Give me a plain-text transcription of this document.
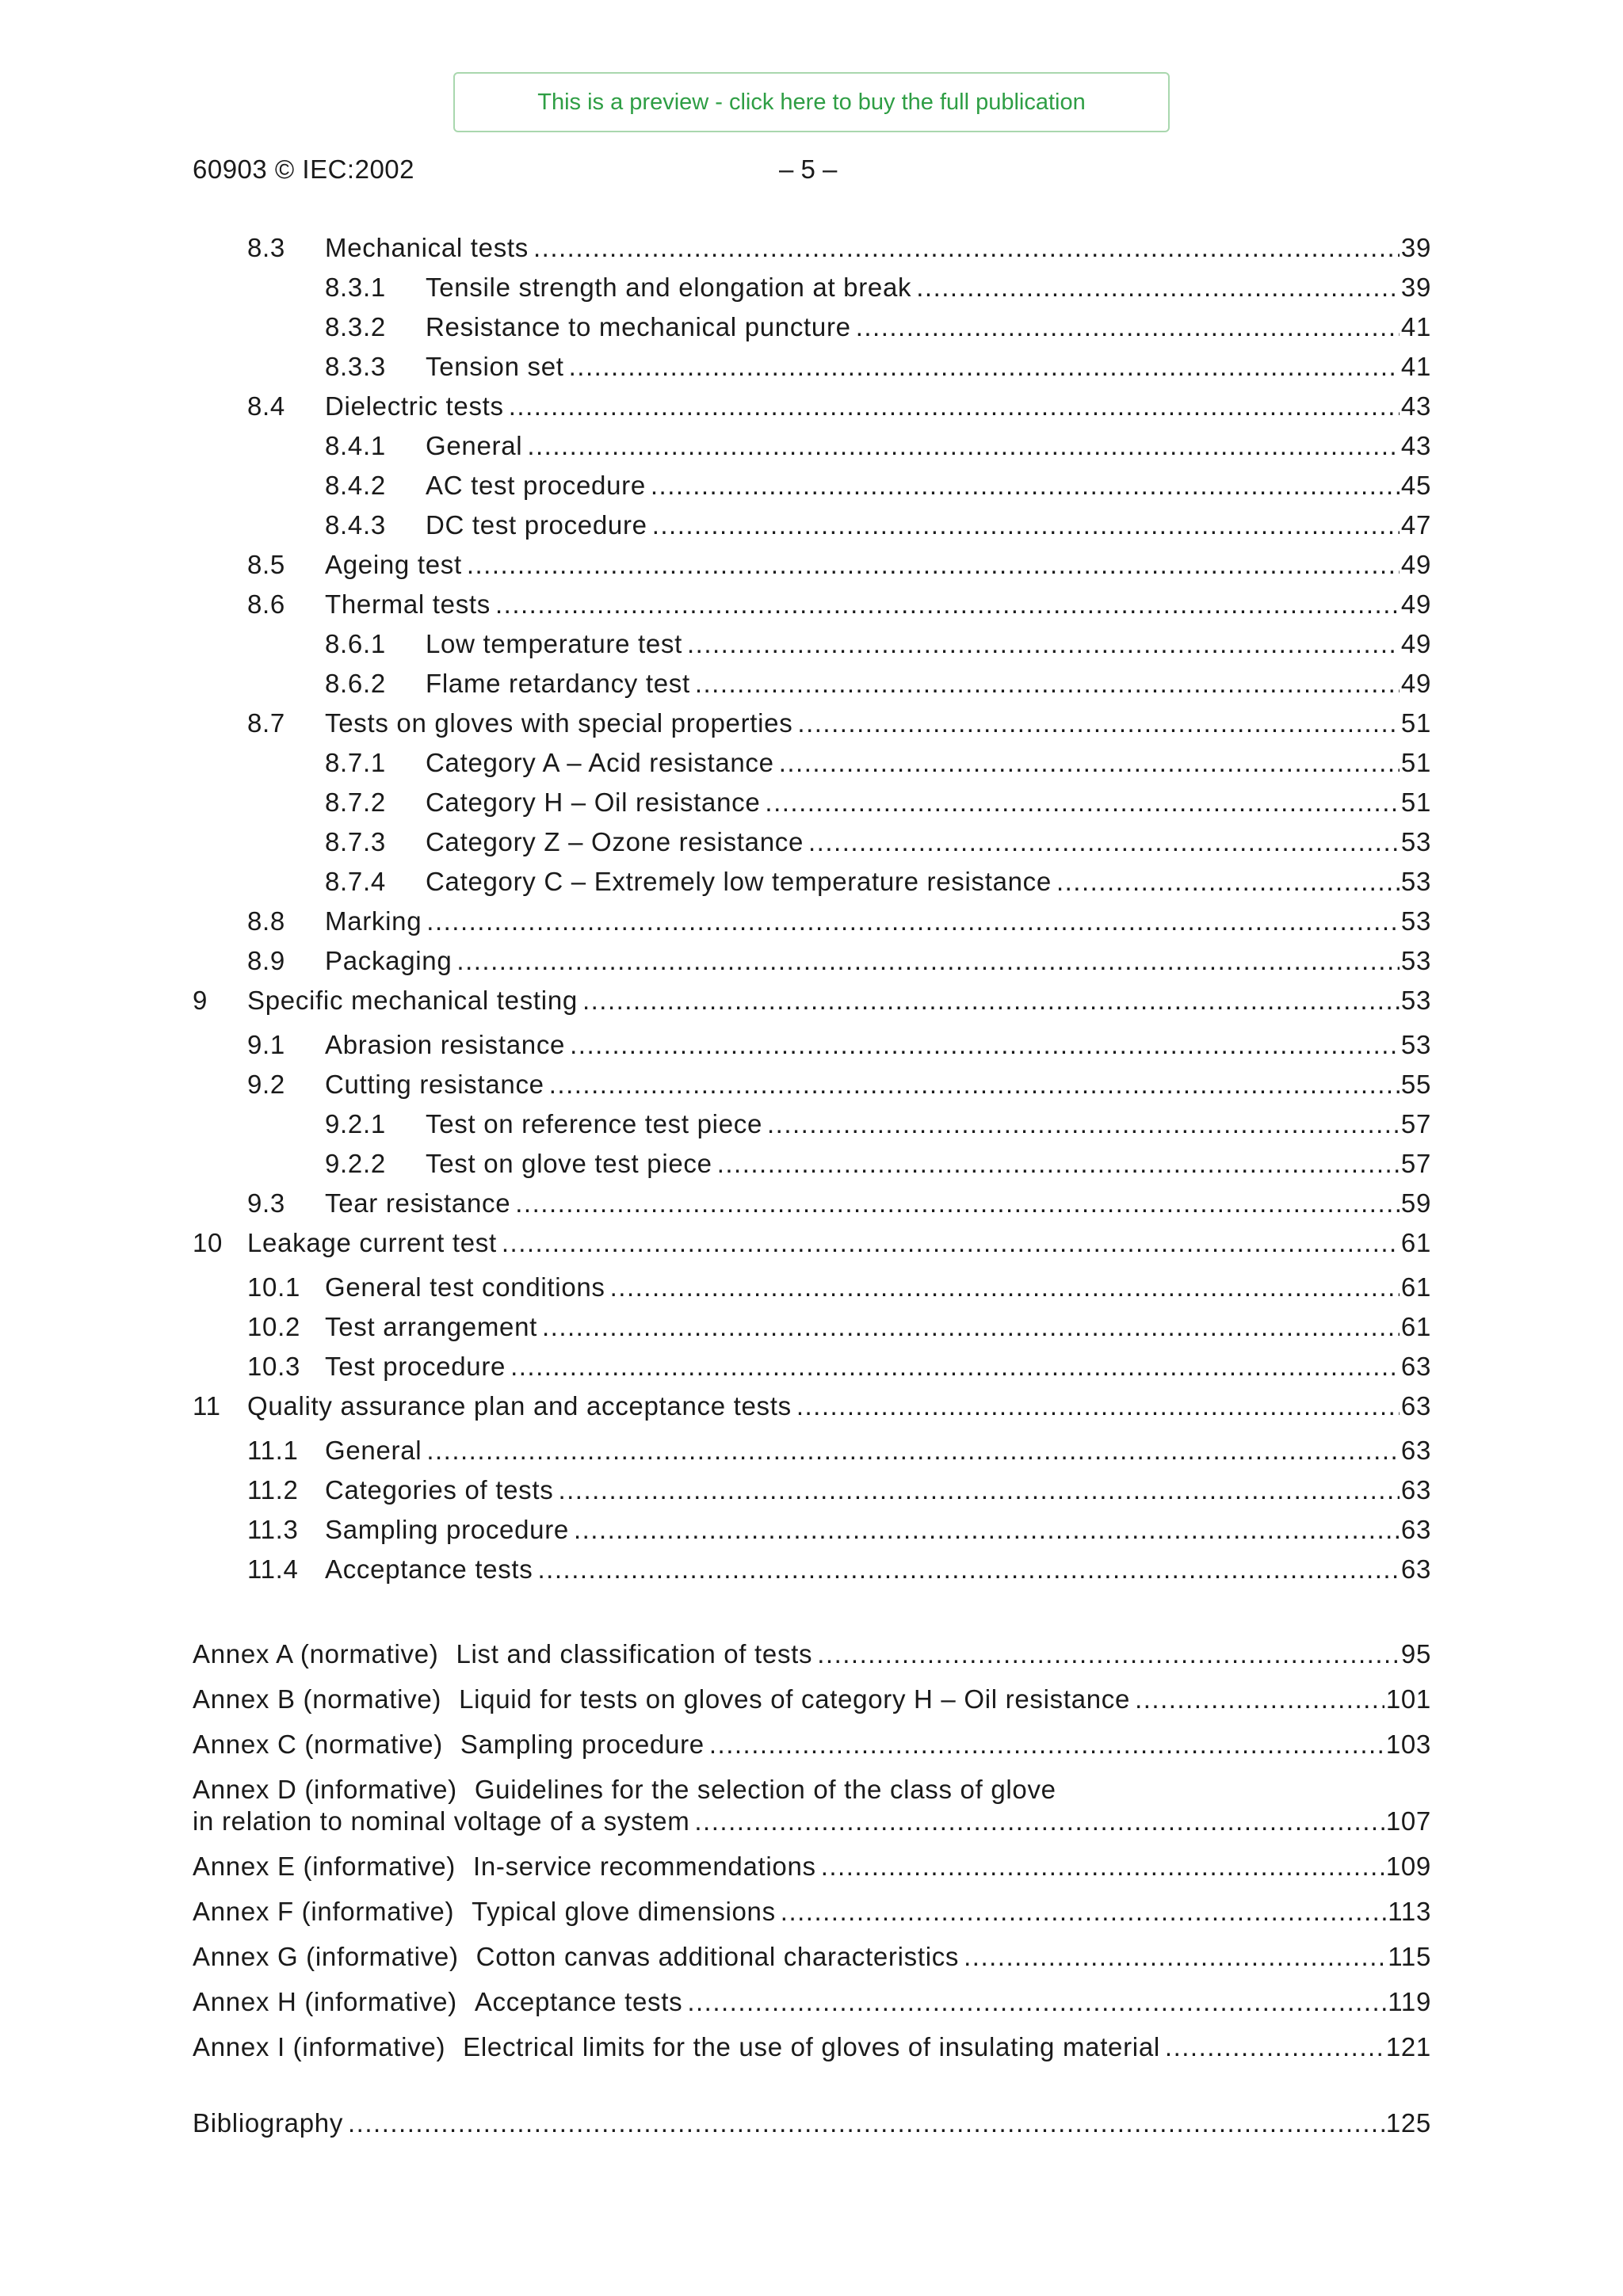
This is a preview - click here to buy the full publication
60903 © IEC:2002	– 5 –
8.3	Mechanical tests .....	39
8.3.1	Tensile strength and elongation at break .....	39
8.3.2	Resistance to mechanical puncture .....	41
8.3.3	Tension set .....	41
8.4	Dielectric tests .....	43
8.4.1	General .....	43
8.4.2	AC test procedure .....	45
8.4.3	DC test procedure .....	47
8.5	Ageing test .....	49
8.6	Thermal tests .....	49
8.6.1	Low temperature test .....	49
8.6.2	Flame retardancy test .....	49
8.7	Tests on gloves with special properties .....	51
8.7.1	Category A – Acid resistance .....	51
8.7.2	Category H – Oil resistance .....	51
8.7.3	Category Z – Ozone resistance .....	53
8.7.4	Category C – Extremely low temperature resistance .....	53
8.8	Marking .....	53
8.9	Packaging .....	53
9	Specific mechanical testing .....	53
9.1	Abrasion resistance .....	53
9.2	Cutting resistance .....	55
9.2.1	Test on reference test piece .....	57
9.2.2	Test on glove test piece .....	57
9.3	Tear resistance .....	59
10 Leakage current test .....	61
10.1 General test conditions .....	61
10.2 Test arrangement .....	61
10.3 Test procedure .....	63
11	Quality assurance plan and acceptance tests .....	63
11.1	General .....	63
11.2	Categories of tests .....	63
11.3	Sampling procedure .....	63
11.4	Acceptance tests .....	63
Annex A (normative) List and classification of tests .....	95
Annex B (normative) Liquid for tests on gloves of category H – Oil resistance .....	101
Annex C (normative) Sampling procedure .....	103
Annex D (informative) Guidelines for the selection of the class of glove
in relation to nominal voltage of a system .....	107
Annex E (informative) In-service recommendations .....	109
Annex F (informative) Typical glove dimensions .....	113
Annex G (informative) Cotton canvas additional characteristics .....	115
Annex H (informative) Acceptance tests .....	119
Annex I (informative) Electrical limits for the use of gloves of insulating material .....	121
Bibliography .....	125
